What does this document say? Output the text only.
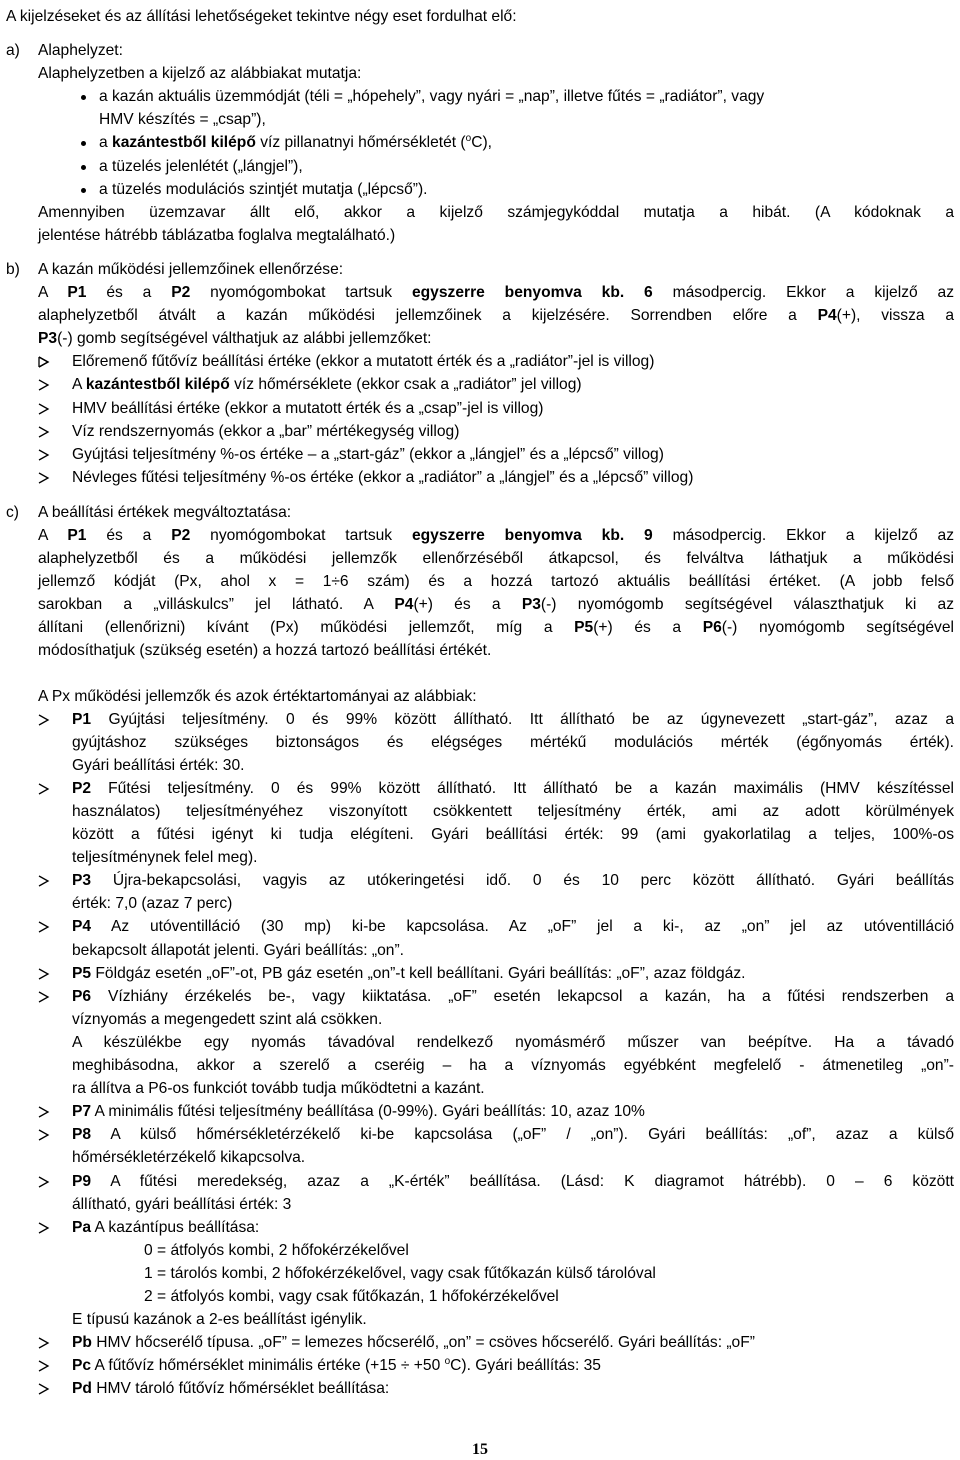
A kijelzéseket és az állítási lehetőségeket tekintve négy eset fordulhat elő:

a)	Alaphelyzet:

Alaphelyzetben a kijelző az alábbiakat mutatja:

a kazán aktuális üzemmódját (téli = „hópehely”, vagy nyári = „nap”, illetve fűtés = „radiátor”, vagy

HMV készítés = „csap”),

a kazántestből kilépő víz pillanatnyi hőmérsékletét ($^o$C),

a tüzelés jelenlétét („lángjel”),

a tüzelés modulációs szintjét mutatja („lépcső”).

Amennyiben üzemzavar állt elő, akkor a kijelző számjegykóddal mutatja a hibát. (A kódoknak a

jelentése hátrébb táblázatba foglalva megtalálható.)

b)	A kazán működési jellemzőinek ellenőrzése:

A P1 és a P2 nyomógombokat tartsuk egyszerre benyomva kb. 6 másodpercig. Ekkor a kijelző az

alaphelyzetből átvált a kazán működési jellemzőinek a kijelzésére. Sorrendben előre a P4(+), vissza a

P3(-) gomb segítségével válthatjuk az alábbi jellemzőket:

Előremenő fűtővíz beállítási értéke (ekkor a mutatott érték és a „radiátor”-jel is villog)

A kazántestből kilépő víz hőmérséklete (ekkor csak a „radiátor” jel villog)

HMV beállítási értéke (ekkor a mutatott érték és a „csap”-jel is villog)

Víz rendszernyomás (ekkor a „bar” mértékegység villog)

Gyújtási teljesítmény %-os értéke – a „start-gáz” (ekkor a „lángjel” és a „lépcső” villog)

Névleges fűtési teljesítmény %-os értéke (ekkor a „radiátor” a „lángjel” és a „lépcső” villog)

c)	A beállítási értékek megváltoztatása:

A P1 és a P2 nyomógombokat tartsuk egyszerre benyomva kb. 9 másodpercig. Ekkor a kijelző az

alaphelyzetből és a működési jellemzők ellenőrzéséből átkapcsol, és felváltva láthatjuk a működési

jellemző kódját (Px, ahol x = 1÷6 szám) és a hozzá tartozó aktuális beállítási értéket. (A jobb felső

sarokban a „villáskulcs” jel látható. A P4(+) és a P3(-) nyomógomb segítségével választhatjuk ki az

állítani (ellenőrizni) kívánt (Px) működési jellemzőt, míg a P5(+) és a P6(-) nyomógomb segítségével

módosíthatjuk (szükség esetén) a hozzá tartozó beállítási értékét.

A Px működési jellemzők és azok értéktartományai az alábbiak:

P1 Gyújtási teljesítmény. 0 és 99% között állítható. Itt állítható be az úgynevezett „start-gáz”, azaz a

gyújtáshoz szükséges biztonságos és elégséges mértékű modulációs mérték (égőnyomás érték).

Gyári beállítási érték: 30.

P2 Fűtési teljesítmény. 0 és 99% között állítható. Itt állítható be a kazán maximális (HMV készítéssel

használatos) teljesítményéhez viszonyított csökkentett teljesítmény érték, ami az adott körülmények

között a fűtési igényt ki tudja elégíteni. Gyári beállítási érték: 99 (ami gyakorlatilag a teljes, 100%-os

teljesítménynek felel meg).

P3 Újra-bekapcsolási, vagyis az utókeringetési idő. 0 és 10 perc között állítható. Gyári beállítás

érték: 7,0 (azaz 7 perc)

P4 Az utóventilláció (30 mp) ki-be kapcsolása. Az „oF” jel a ki-, az „on” jel az utóventilláció

bekapcsolt állapotát jelenti. Gyári beállítás: „on”.

P5 Földgáz esetén „oF”-ot, PB gáz esetén „on”-t kell beállítani. Gyári beállítás: „oF”, azaz földgáz.

P6 Vízhiány érzékelés be-, vagy kiiktatása. „oF” esetén lekapcsol a kazán, ha a fűtési rendszerben a

víznyomás a megengedett szint alá csökken.

A készülékbe egy nyomás távadóval rendelkező nyomásmérő műszer van beépítve. Ha a távadó

meghibásodna, akkor a szerelő a cseréig – ha a víznyomás egyébként megfelelő - átmenetileg „on”-

ra állítva a P6-os funkciót tovább tudja működtetni a kazánt.

P7 A minimális fűtési teljesítmény beállítása (0-99%). Gyári beállítás: 10, azaz 10%

P8 A külső hőmérsékletérzékelő ki-be kapcsolása („oF” / „on”). Gyári beállítás: „of”, azaz a külső

hőmérsékletérzékelő kikapcsolva.

P9 A fűtési meredekség, azaz a „K-érték” beállítása. (Lásd: K diagramot hátrébb). 0 – 6 között

állítható, gyári beállítási érték: 3

Pa A kazántípus beállítása:

0 = átfolyós kombi, 2 hőfokérzékelővel

1 = tárolós kombi, 2 hőfokérzékelővel, vagy csak fűtőkazán külső tárolóval

2 = átfolyós kombi, vagy csak fűtőkazán, 1 hőfokérzékelővel

E típusú kazánok a 2-es beállítást igénylik.

Pb HMV hőcserélő típusa. „oF” = lemezes hőcserélő, „on” = csöves hőcserélő. Gyári beállítás: „oF”

Pc A fűtővíz hőmérséklet minimális értéke (+15 ÷ +50 $^o$C). Gyári beállítás: 35

Pd HMV tároló fűtővíz hőmérséklet beállítása:

15
